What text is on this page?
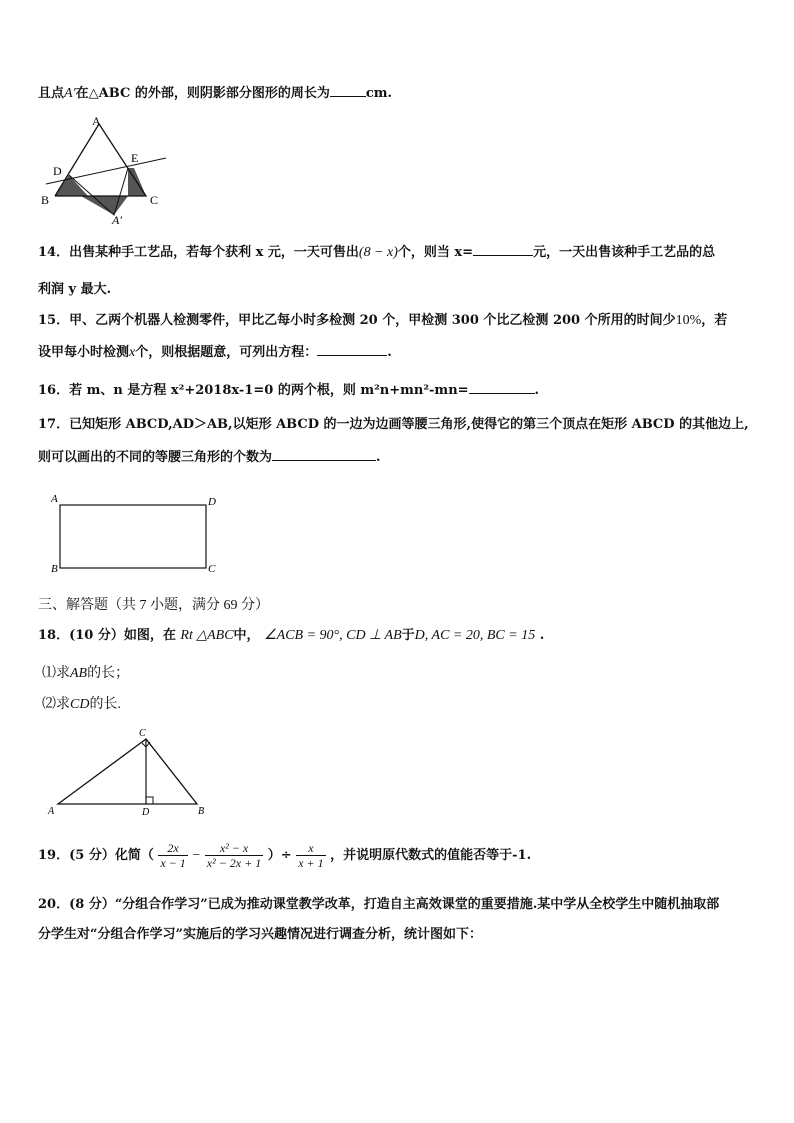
且点A′在△ABC 的外部，则阴影部分图形的周长为	cm.
A
D
E
B	C
A′
14．出售某种手工艺品，若每个获利 x 元，一天可售出(8 − x)个，则当 x=	元，一天出售该种手工艺品的总
利润 y 最大.
15．甲、乙两个机器人检测零件，甲比乙每小时多检测 20 个，甲检测 300 个比乙检测 200 个所用的时间少10%，若
设甲每小时检测x个，则根据题意，可列出方程：	.
16．若 m、n 是方程 x²+2018x-1=0 的两个根，则 m²n+mn²-mn=	.
17．已知矩形 ABCD,AD＞AB,以矩形 ABCD 的一边为边画等腰三角形,使得它的第三个顶点在矩形 ABCD 的其他边上,
则可以画出的不同的等腰三角形的个数为	.
A	D
B	C
三、解答题（共 7 小题，满分 69 分）
18．(10 分）如图，在 Rt △ABC中， ∠ACB = 90°, CD ⊥ AB于D, AC = 20, BC = 15 .
⑴求AB的长；
⑵求CD的长.
C
A	D	B
19．(5 分）化简（ $\frac{2x}{x - 1} - \frac{\text{x² − x}}{\text{x² − 2x + 1}}$ ）÷ $\frac{x}{x + 1}$ ，并说明原代数式的值能否等于-1.
20．(8 分）“分组合作学习”已成为推动课堂教学改革，打造自主高效课堂的重要措施.某中学从全校学生中随机抽取部
分学生对“分组合作学习”实施后的学习兴趣情况进行调查分析，统计图如下：
